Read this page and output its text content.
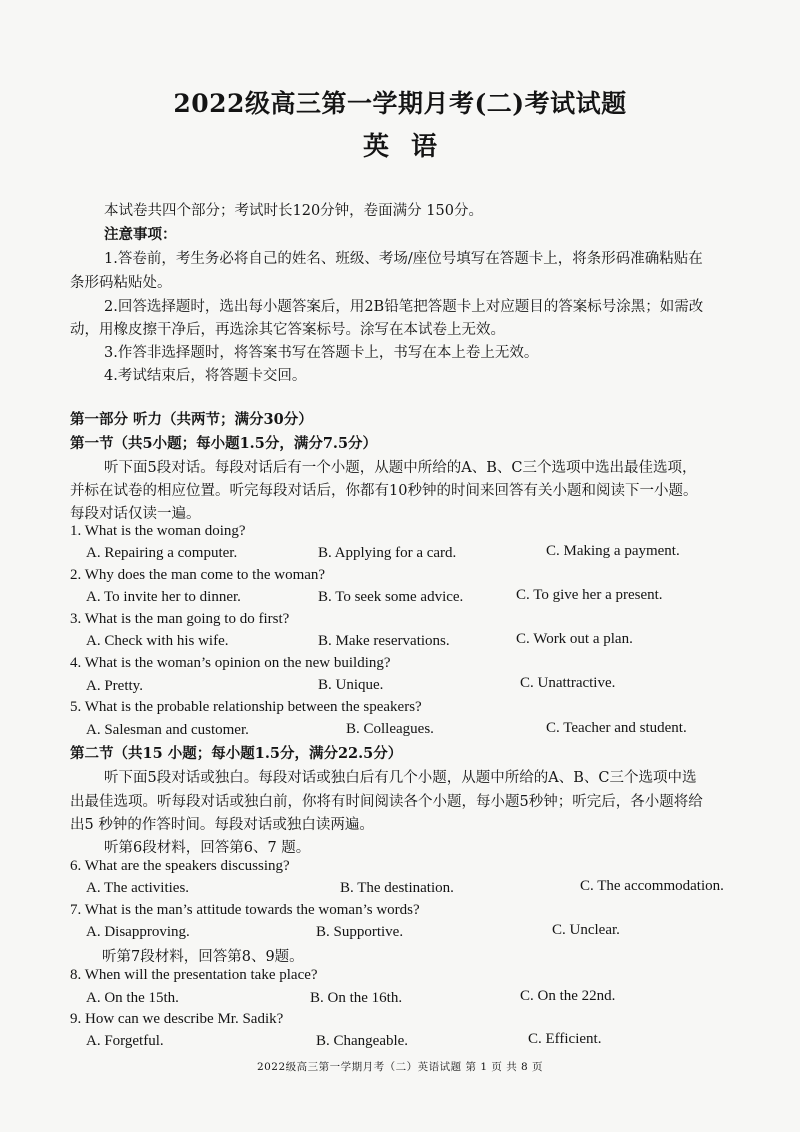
2022级高三第一学期月考(二)考试试题
英语
本试卷共四个部分；考试时长120分钟，卷面满分 150分。
注意事项：
1.答卷前，考生务必将自己的姓名、班级、考场/座位号填写在答题卡上，将条形码准确粘贴在
条形码粘贴处。
2.回答选择题时，选出每小题答案后，用2B铅笔把答题卡上对应题目的答案标号涂黑；如需改
动，用橡皮擦干净后，再选涂其它答案标号。涂写在本试卷上无效。
3.作答非选择题时，将答案书写在答题卡上，书写在本上卷上无效。
4.考试结束后，将答题卡交回。
第一部分 听力（共两节；满分30分）
第一节（共5小题；每小题1.5分，满分7.5分）
听下面5段对话。每段对话后有一个小题，从题中所给的A、B、C三个选项中选出最佳选项，
并标在试卷的相应位置。听完每段对话后，你都有10秒钟的时间来回答有关小题和阅读下一小题。
每段对话仅读一遍。
1. What is the woman doing?
A. Repairing a computer.	B. Applying for a card.	C. Making a payment.
2. Why does the man come to the woman?
A. To invite her to dinner.	B. To seek some advice.	C. To give her a present.
3. What is the man going to do first?
A. Check with his wife.	B. Make reservations.	C. Work out a plan.
4. What is the woman’s opinion on the new building?
A. Pretty.	B. Unique.	C. Unattractive.
5. What is the probable relationship between the speakers?
A. Salesman and customer.	B. Colleagues.	C. Teacher and student.
第二节（共15 小题；每小题1.5分，满分22.5分）
听下面5段对话或独白。每段对话或独白后有几个小题，从题中所给的A、B、C三个选项中选
出最佳选项。听每段对话或独白前，你将有时间阅读各个小题，每小题5秒钟；听完后，各小题将给
出5 秒钟的作答时间。每段对话或独白读两遍。
听第6段材料，回答第6、7 题。
6. What are the speakers discussing?
A. The activities.	B. The destination.	C. The accommodation.
7. What is the man’s attitude towards the woman’s words?
A. Disapproving.	B. Supportive.	C. Unclear.
听第7段材料，回答第8、9题。
8. When will the presentation take place?
A. On the 15th.	B. On the 16th.	C. On the 22nd.
9. How can we describe Mr. Sadik?
A. Forgetful.	B. Changeable.	C. Efficient.
2022级高三第一学期月考（二）英语试题 第 1 页 共 8 页
